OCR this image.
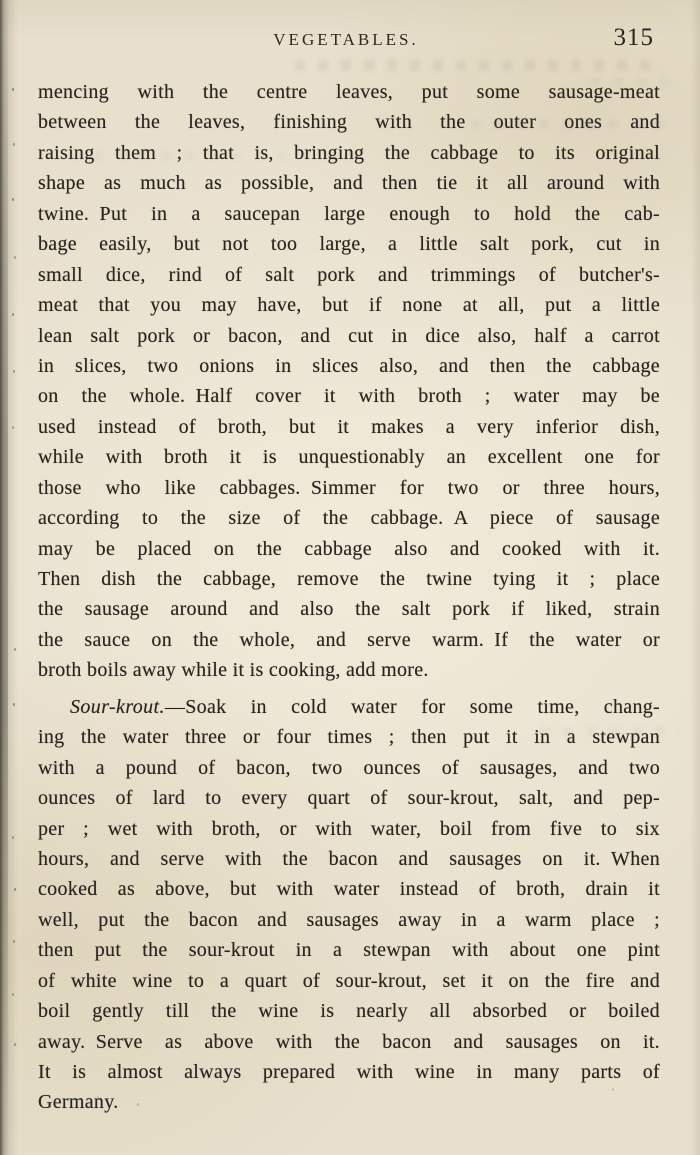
VEGETABLES.	315
mencing with the centre leaves, put some sausage-meat
between the leaves, finishing with the outer ones and
raising them ; that is, bringing the cabbage to its original
shape as much as possible, and then tie it all around with
twine. Put in a saucepan large enough to hold the cab-
bage easily, but not too large, a little salt pork, cut in
small dice, rind of salt pork and trimmings of butcher's-
meat that you may have, but if none at all, put a little
lean salt pork or bacon, and cut in dice also, half a carrot
in slices, two onions in slices also, and then the cabbage
on the whole. Half cover it with broth ; water may be
used instead of broth, but it makes a very inferior dish,
while with broth it is unquestionably an excellent one for
those who like cabbages. Simmer for two or three hours,
according to the size of the cabbage. A piece of sausage
may be placed on the cabbage also and cooked with it.
Then dish the cabbage, remove the twine tying it ; place
the sausage around and also the salt pork if liked, strain
the sauce on the whole, and serve warm. If the water or
broth boils away while it is cooking, add more.
Sour-krout.—Soak in cold water for some time, chang-
ing the water three or four times ; then put it in a stewpan
with a pound of bacon, two ounces of sausages, and two
ounces of lard to every quart of sour-krout, salt, and pep-
per ; wet with broth, or with water, boil from five to six
hours, and serve with the bacon and sausages on it. When
cooked as above, but with water instead of broth, drain it
well, put the bacon and sausages away in a warm place ;
then put the sour-krout in a stewpan with about one pint
of white wine to a quart of sour-krout, set it on the fire and
boil gently till the wine is nearly all absorbed or boiled
away. Serve as above with the bacon and sausages on it.
It is almost always prepared with wine in many parts of
Germany.
